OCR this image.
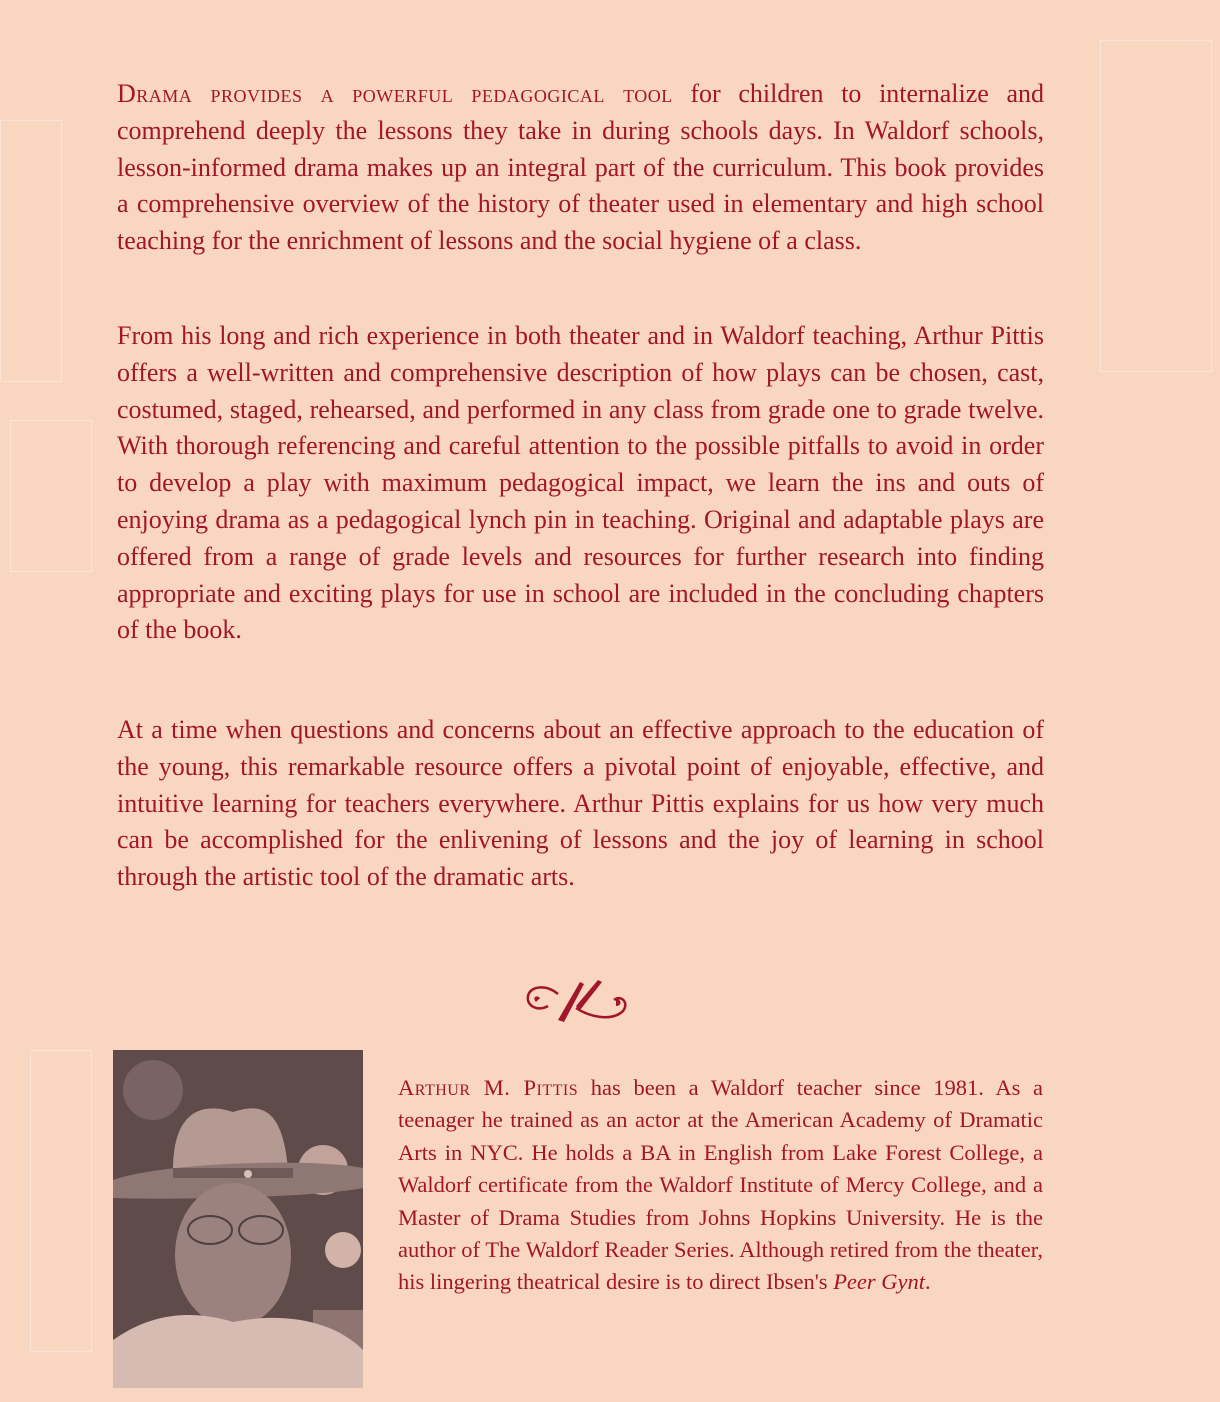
Drama provides a powerful pedagogical tool for children to internalize and comprehend deeply the lessons they take in during schools days. In Waldorf schools, lesson-informed drama makes up an integral part of the curriculum. This book provides a comprehensive overview of the history of theater used in elementary and high school teaching for the enrichment of lessons and the social hygiene of a class.

From his long and rich experience in both theater and in Waldorf teaching, Arthur Pittis offers a well-written and comprehensive description of how plays can be chosen, cast, costumed, staged, rehearsed, and performed in any class from grade one to grade twelve. With thorough referencing and careful attention to the possible pitfalls to avoid in order to develop a play with maximum pedagogical impact, we learn the ins and outs of enjoying drama as a pedagogical lynch pin in teaching. Original and adaptable plays are offered from a range of grade levels and resources for further research into finding appropriate and exciting plays for use in school are included in the concluding chapters of the book.

At a time when questions and concerns about an effective approach to the education of the young, this remarkable resource offers a pivotal point of enjoyable, effective, and intuitive learning for teachers everywhere. Arthur Pittis explains for us how very much can be accomplished for the enlivening of lessons and the joy of learning in school through the artistic tool of the dramatic arts.

Arthur M. Pittis has been a Waldorf teacher since 1981. As a teenager he trained as an actor at the American Academy of Dramatic Arts in NYC. He holds a BA in English from Lake Forest College, a Waldorf certificate from the Waldorf Institute of Mercy College, and a Master of Drama Studies from Johns Hopkins University. He is the author of The Waldorf Reader Series. Although retired from the theater, his lingering theatrical desire is to direct Ibsen's Peer Gynt.
